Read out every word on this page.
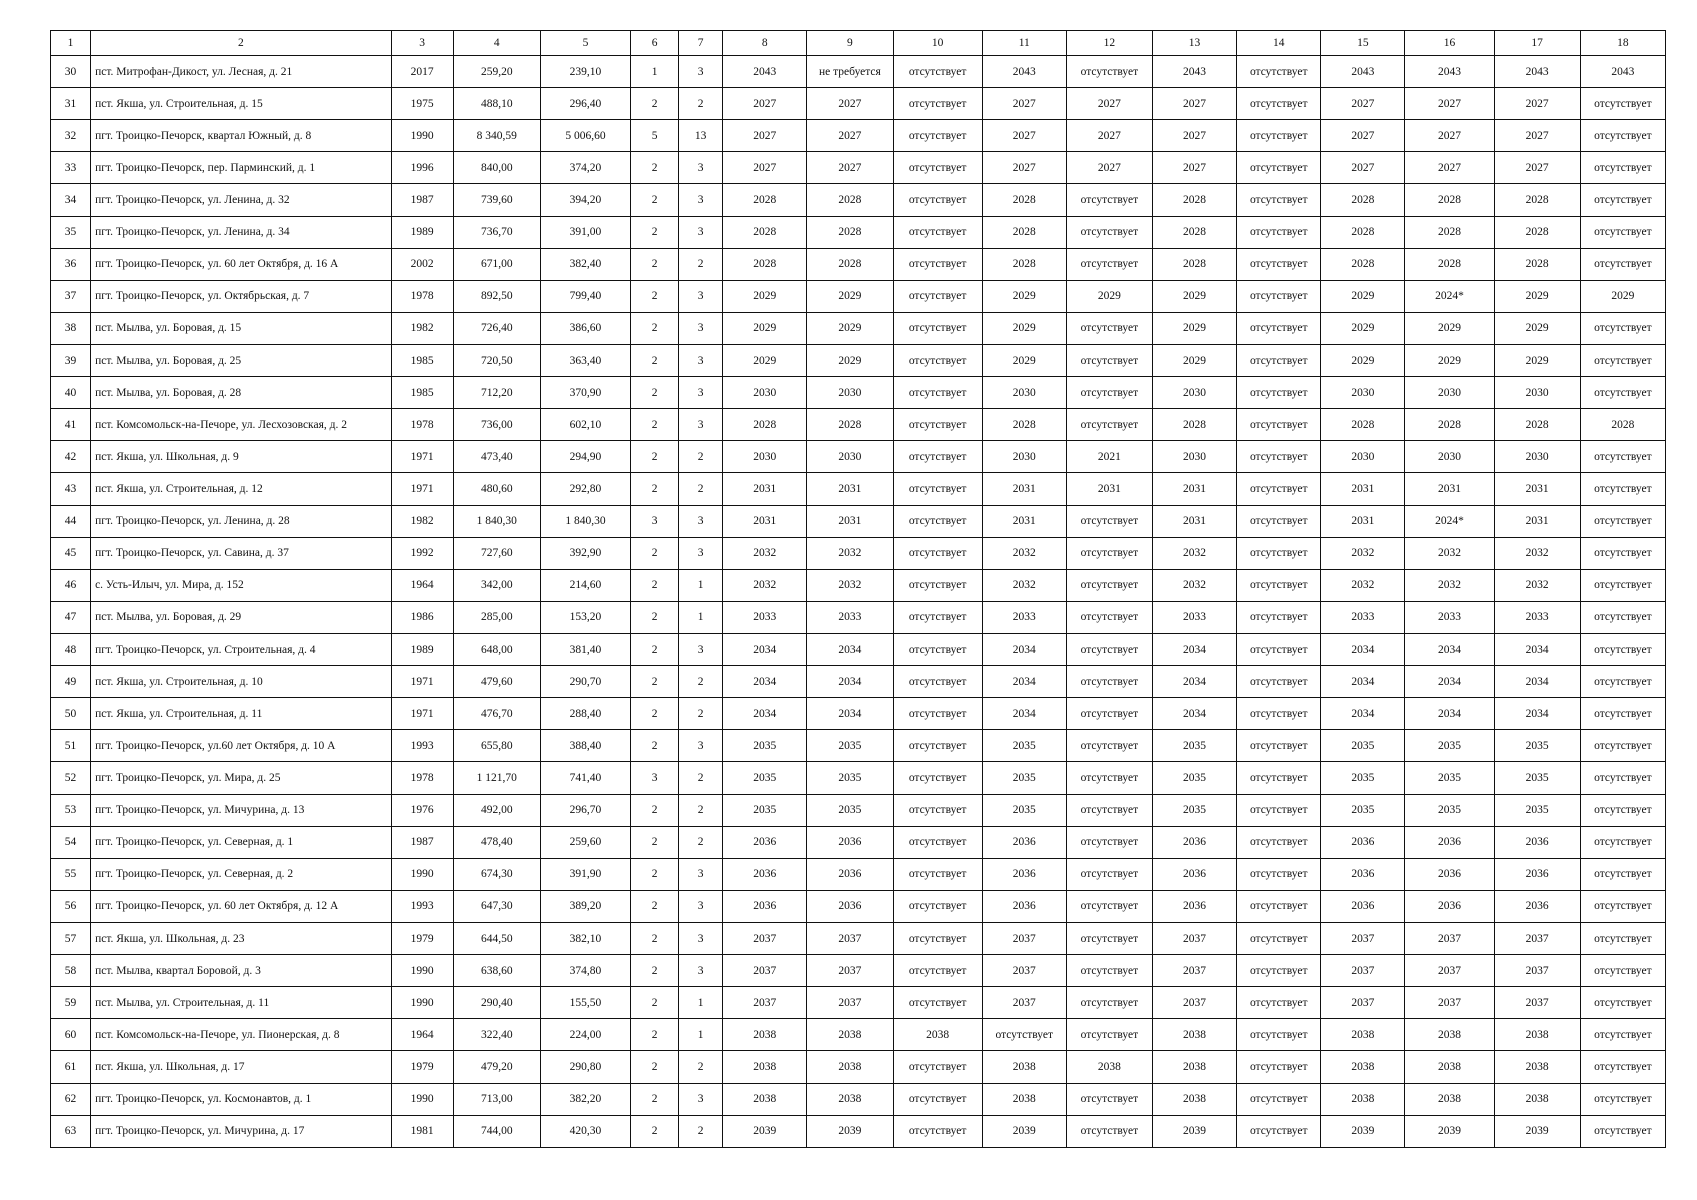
1	2	3	4	5	6	7	8	9	10	11	12	13	14	15	16	17	18
30	пст. Митрофан-Дикост, ул. Лесная, д. 21	2017	259,20	239,10	1	3	2043	не требуется	отсутствует	2043	отсутствует	2043	отсутствует	2043	2043	2043	2043
31	пст. Якша, ул. Строительная, д. 15	1975	488,10	296,40	2	2	2027	2027	отсутствует	2027	2027	2027	отсутствует	2027	2027	2027	отсутствует
32	пгт. Троицко-Печорск, квартал Южный, д. 8	1990	8 340,59	5 006,60	5	13	2027	2027	отсутствует	2027	2027	2027	отсутствует	2027	2027	2027	отсутствует
33	пгт. Троицко-Печорск, пер. Парминский, д. 1	1996	840,00	374,20	2	3	2027	2027	отсутствует	2027	2027	2027	отсутствует	2027	2027	2027	отсутствует
34	пгт. Троицко-Печорск, ул. Ленина, д. 32	1987	739,60	394,20	2	3	2028	2028	отсутствует	2028	отсутствует	2028	отсутствует	2028	2028	2028	отсутствует
35	пгт. Троицко-Печорск, ул. Ленина, д. 34	1989	736,70	391,00	2	3	2028	2028	отсутствует	2028	отсутствует	2028	отсутствует	2028	2028	2028	отсутствует
36	пгт. Троицко-Печорск, ул. 60 лет Октября, д. 16 А	2002	671,00	382,40	2	2	2028	2028	отсутствует	2028	отсутствует	2028	отсутствует	2028	2028	2028	отсутствует
37	пгт. Троицко-Печорск, ул. Октябрьская, д. 7	1978	892,50	799,40	2	3	2029	2029	отсутствует	2029	2029	2029	отсутствует	2029	2024*	2029	2029
38	пст. Мылва, ул. Боровая, д. 15	1982	726,40	386,60	2	3	2029	2029	отсутствует	2029	отсутствует	2029	отсутствует	2029	2029	2029	отсутствует
39	пст. Мылва, ул. Боровая, д. 25	1985	720,50	363,40	2	3	2029	2029	отсутствует	2029	отсутствует	2029	отсутствует	2029	2029	2029	отсутствует
40	пст. Мылва, ул. Боровая, д. 28	1985	712,20	370,90	2	3	2030	2030	отсутствует	2030	отсутствует	2030	отсутствует	2030	2030	2030	отсутствует
41	пст. Комсомольск-на-Печоре, ул. Лесхозовская, д. 2	1978	736,00	602,10	2	3	2028	2028	отсутствует	2028	отсутствует	2028	отсутствует	2028	2028	2028	2028
42	пст. Якша, ул. Школьная, д. 9	1971	473,40	294,90	2	2	2030	2030	отсутствует	2030	2021	2030	отсутствует	2030	2030	2030	отсутствует
43	пст. Якша, ул. Строительная, д. 12	1971	480,60	292,80	2	2	2031	2031	отсутствует	2031	2031	2031	отсутствует	2031	2031	2031	отсутствует
44	пгт. Троицко-Печорск, ул. Ленина, д. 28	1982	1 840,30	1 840,30	3	3	2031	2031	отсутствует	2031	отсутствует	2031	отсутствует	2031	2024*	2031	отсутствует
45	пгт. Троицко-Печорск, ул. Савина, д. 37	1992	727,60	392,90	2	3	2032	2032	отсутствует	2032	отсутствует	2032	отсутствует	2032	2032	2032	отсутствует
46	с. Усть-Илыч, ул. Мира, д. 152	1964	342,00	214,60	2	1	2032	2032	отсутствует	2032	отсутствует	2032	отсутствует	2032	2032	2032	отсутствует
47	пст. Мылва, ул. Боровая, д. 29	1986	285,00	153,20	2	1	2033	2033	отсутствует	2033	отсутствует	2033	отсутствует	2033	2033	2033	отсутствует
48	пгт. Троицко-Печорск, ул. Строительная, д. 4	1989	648,00	381,40	2	3	2034	2034	отсутствует	2034	отсутствует	2034	отсутствует	2034	2034	2034	отсутствует
49	пст. Якша, ул. Строительная, д. 10	1971	479,60	290,70	2	2	2034	2034	отсутствует	2034	отсутствует	2034	отсутствует	2034	2034	2034	отсутствует
50	пст. Якша, ул. Строительная, д. 11	1971	476,70	288,40	2	2	2034	2034	отсутствует	2034	отсутствует	2034	отсутствует	2034	2034	2034	отсутствует
51	пгт. Троицко-Печорск, ул.60 лет Октября, д. 10 А	1993	655,80	388,40	2	3	2035	2035	отсутствует	2035	отсутствует	2035	отсутствует	2035	2035	2035	отсутствует
52	пгт. Троицко-Печорск, ул. Мира, д. 25	1978	1 121,70	741,40	3	2	2035	2035	отсутствует	2035	отсутствует	2035	отсутствует	2035	2035	2035	отсутствует
53	пгт. Троицко-Печорск, ул. Мичурина, д. 13	1976	492,00	296,70	2	2	2035	2035	отсутствует	2035	отсутствует	2035	отсутствует	2035	2035	2035	отсутствует
54	пгт. Троицко-Печорск, ул. Северная, д. 1	1987	478,40	259,60	2	2	2036	2036	отсутствует	2036	отсутствует	2036	отсутствует	2036	2036	2036	отсутствует
55	пгт. Троицко-Печорск, ул. Северная, д. 2	1990	674,30	391,90	2	3	2036	2036	отсутствует	2036	отсутствует	2036	отсутствует	2036	2036	2036	отсутствует
56	пгт. Троицко-Печорск, ул. 60 лет Октября, д. 12 А	1993	647,30	389,20	2	3	2036	2036	отсутствует	2036	отсутствует	2036	отсутствует	2036	2036	2036	отсутствует
57	пст. Якша, ул. Школьная, д. 23	1979	644,50	382,10	2	3	2037	2037	отсутствует	2037	отсутствует	2037	отсутствует	2037	2037	2037	отсутствует
58	пст. Мылва, квартал Боровой, д. 3	1990	638,60	374,80	2	3	2037	2037	отсутствует	2037	отсутствует	2037	отсутствует	2037	2037	2037	отсутствует
59	пст. Мылва, ул. Строительная, д. 11	1990	290,40	155,50	2	1	2037	2037	отсутствует	2037	отсутствует	2037	отсутствует	2037	2037	2037	отсутствует
60	пст. Комсомольск-на-Печоре, ул. Пионерская, д. 8	1964	322,40	224,00	2	1	2038	2038	2038	отсутствует	отсутствует	2038	отсутствует	2038	2038	2038	отсутствует
61	пст. Якша, ул. Школьная, д. 17	1979	479,20	290,80	2	2	2038	2038	отсутствует	2038	2038	2038	отсутствует	2038	2038	2038	отсутствует
62	пгт. Троицко-Печорск, ул. Космонавтов, д. 1	1990	713,00	382,20	2	3	2038	2038	отсутствует	2038	отсутствует	2038	отсутствует	2038	2038	2038	отсутствует
63	пгт. Троицко-Печорск, ул. Мичурина, д. 17	1981	744,00	420,30	2	2	2039	2039	отсутствует	2039	отсутствует	2039	отсутствует	2039	2039	2039	отсутствует
